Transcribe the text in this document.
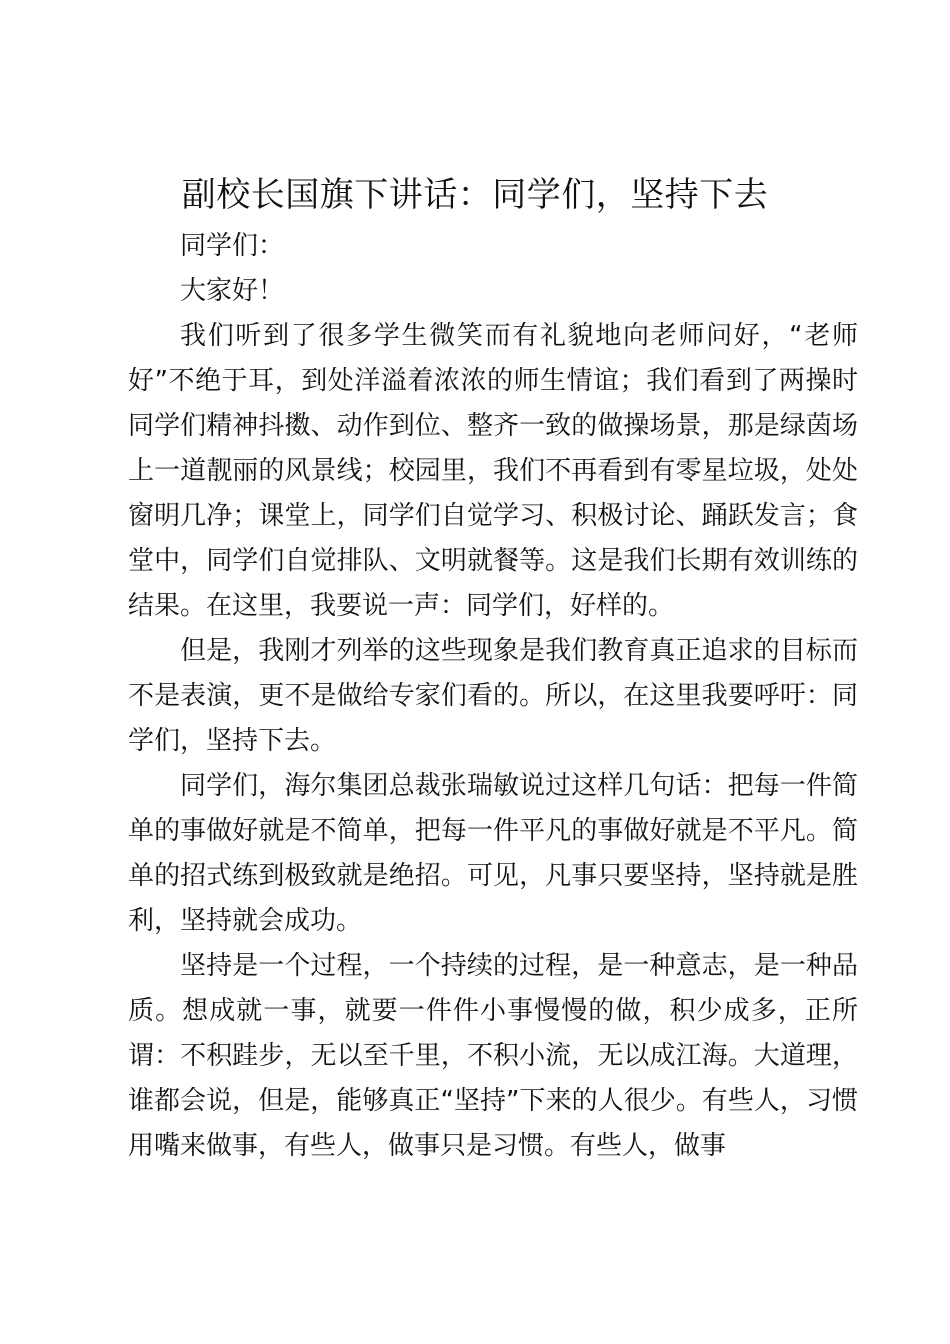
副校长国旗下讲话：同学们，坚持下去

同学们：

大家好！

我们听到了很多学生微笑而有礼貌地向老师问好，“老师好”不绝于耳，到处洋溢着浓浓的师生情谊；我们看到了两操时同学们精神抖擞、动作到位、整齐一致的做操场景，那是绿茵场上一道靓丽的风景线；校园里，我们不再看到有零星垃圾，处处窗明几净；课堂上，同学们自觉学习、积极讨论、踊跃发言；食堂中，同学们自觉排队、文明就餐等。这是我们长期有效训练的结果。在这里，我要说一声：同学们，好样的。

但是，我刚才列举的这些现象是我们教育真正追求的目标而不是表演，更不是做给专家们看的。所以，在这里我要呼吁：同学们，坚持下去。

同学们，海尔集团总裁张瑞敏说过这样几句话：把每一件简单的事做好就是不简单，把每一件平凡的事做好就是不平凡。简单的招式练到极致就是绝招。可见，凡事只要坚持，坚持就是胜利，坚持就会成功。

坚持是一个过程，一个持续的过程，是一种意志，是一种品质。想成就一事，就要一件件小事慢慢的做，积少成多，正所谓：不积跬步，无以至千里，不积小流，无以成江海。大道理，谁都会说，但是，能够真正“坚持”下来的人很少。有些人，习惯用嘴来做事，有些人，做事只是习惯。有些人，做事
